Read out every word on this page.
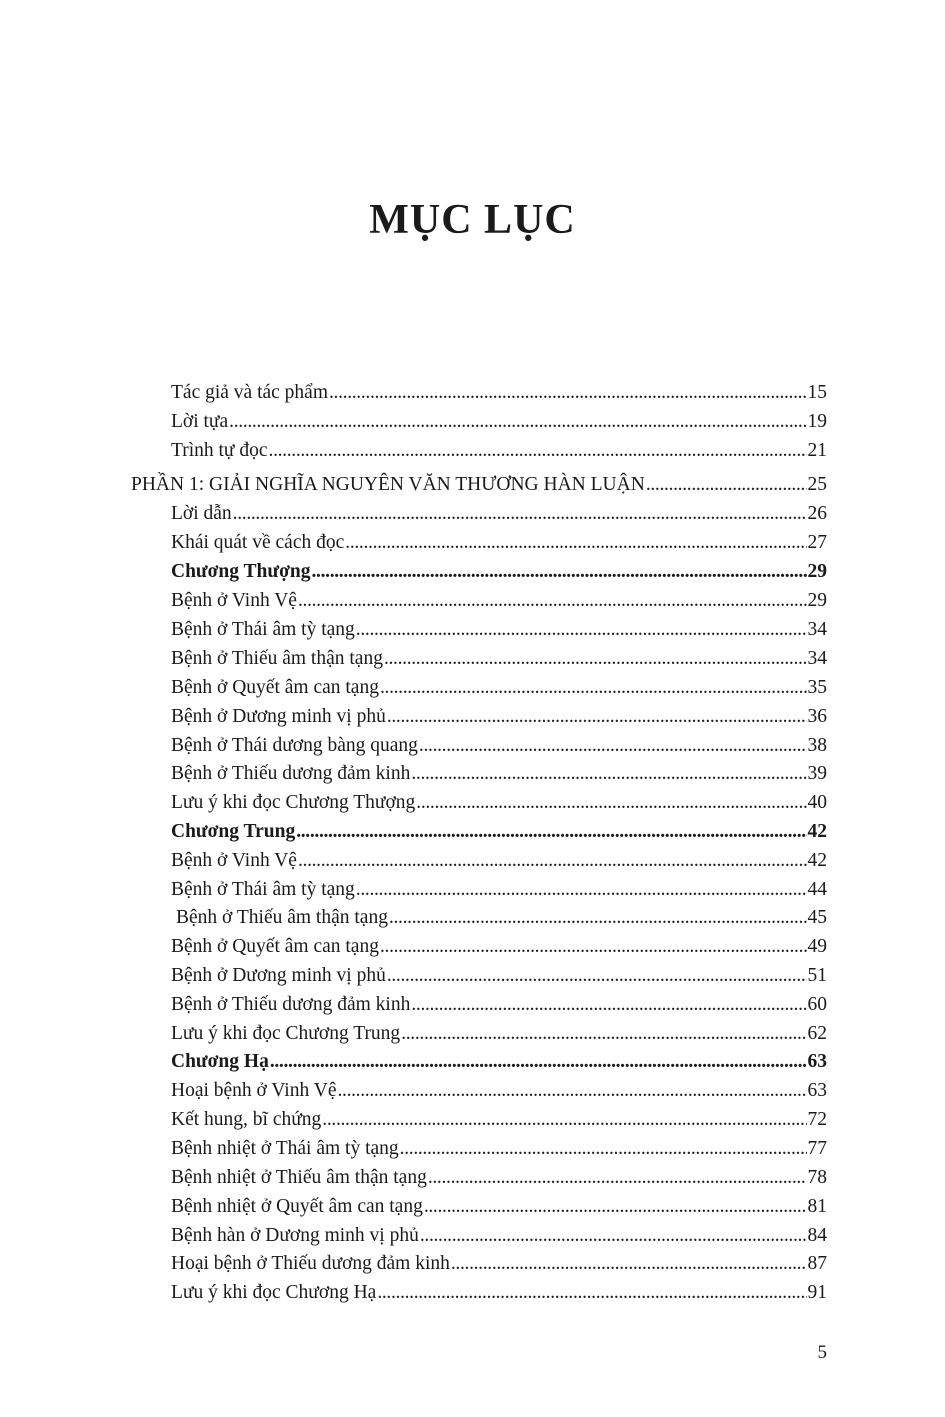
MỤC LỤC
Tác giả và tác phẩm . . .	15
Lời tựa . . .	19
Trình tự đọc . . .	21
PHẦN 1: GIẢI NGHĨA NGUYÊN VĂN THƯƠNG HÀN LUẬN . . .	25
Lời dẫn . . .	26
Khái quát về cách đọc . . .	27
Chương Thượng . . .	29
Bệnh ở Vinh Vệ . . .	29
Bệnh ở Thái âm tỳ tạng . . .	34
Bệnh ở Thiếu âm thận tạng . . .	34
Bệnh ở Quyết âm can tạng . . .	35
Bệnh ở Dương minh vị phủ . . .	36
Bệnh ở Thái dương bàng quang . . .	38
Bệnh ở Thiếu dương đảm kinh . . .	39
Lưu ý khi đọc Chương Thượng . . .	40
Chương Trung . . .	42
Bệnh ở Vinh Vệ . . .	42
Bệnh ở Thái âm tỳ tạng . . .	44
Bệnh ở Thiếu âm thận tạng . . .	45
Bệnh ở Quyết âm can tạng . . .	49
Bệnh ở Dương minh vị phủ . . .	51
Bệnh ở Thiếu dương đảm kinh . . .	60
Lưu ý khi đọc Chương Trung . . .	62
Chương Hạ . . .	63
Hoại bệnh ở Vinh Vệ . . .	63
Kết hung, bĩ chứng . . .	72
Bệnh nhiệt ở Thái âm tỳ tạng . . .	77
Bệnh nhiệt ở Thiếu âm thận tạng . . .	78
Bệnh nhiệt ở Quyết âm can tạng . . .	81
Bệnh hàn ở Dương minh vị phủ . . .	84
Hoại bệnh ở Thiếu dương đảm kinh . . .	87
Lưu ý khi đọc Chương Hạ . . .	91
5
